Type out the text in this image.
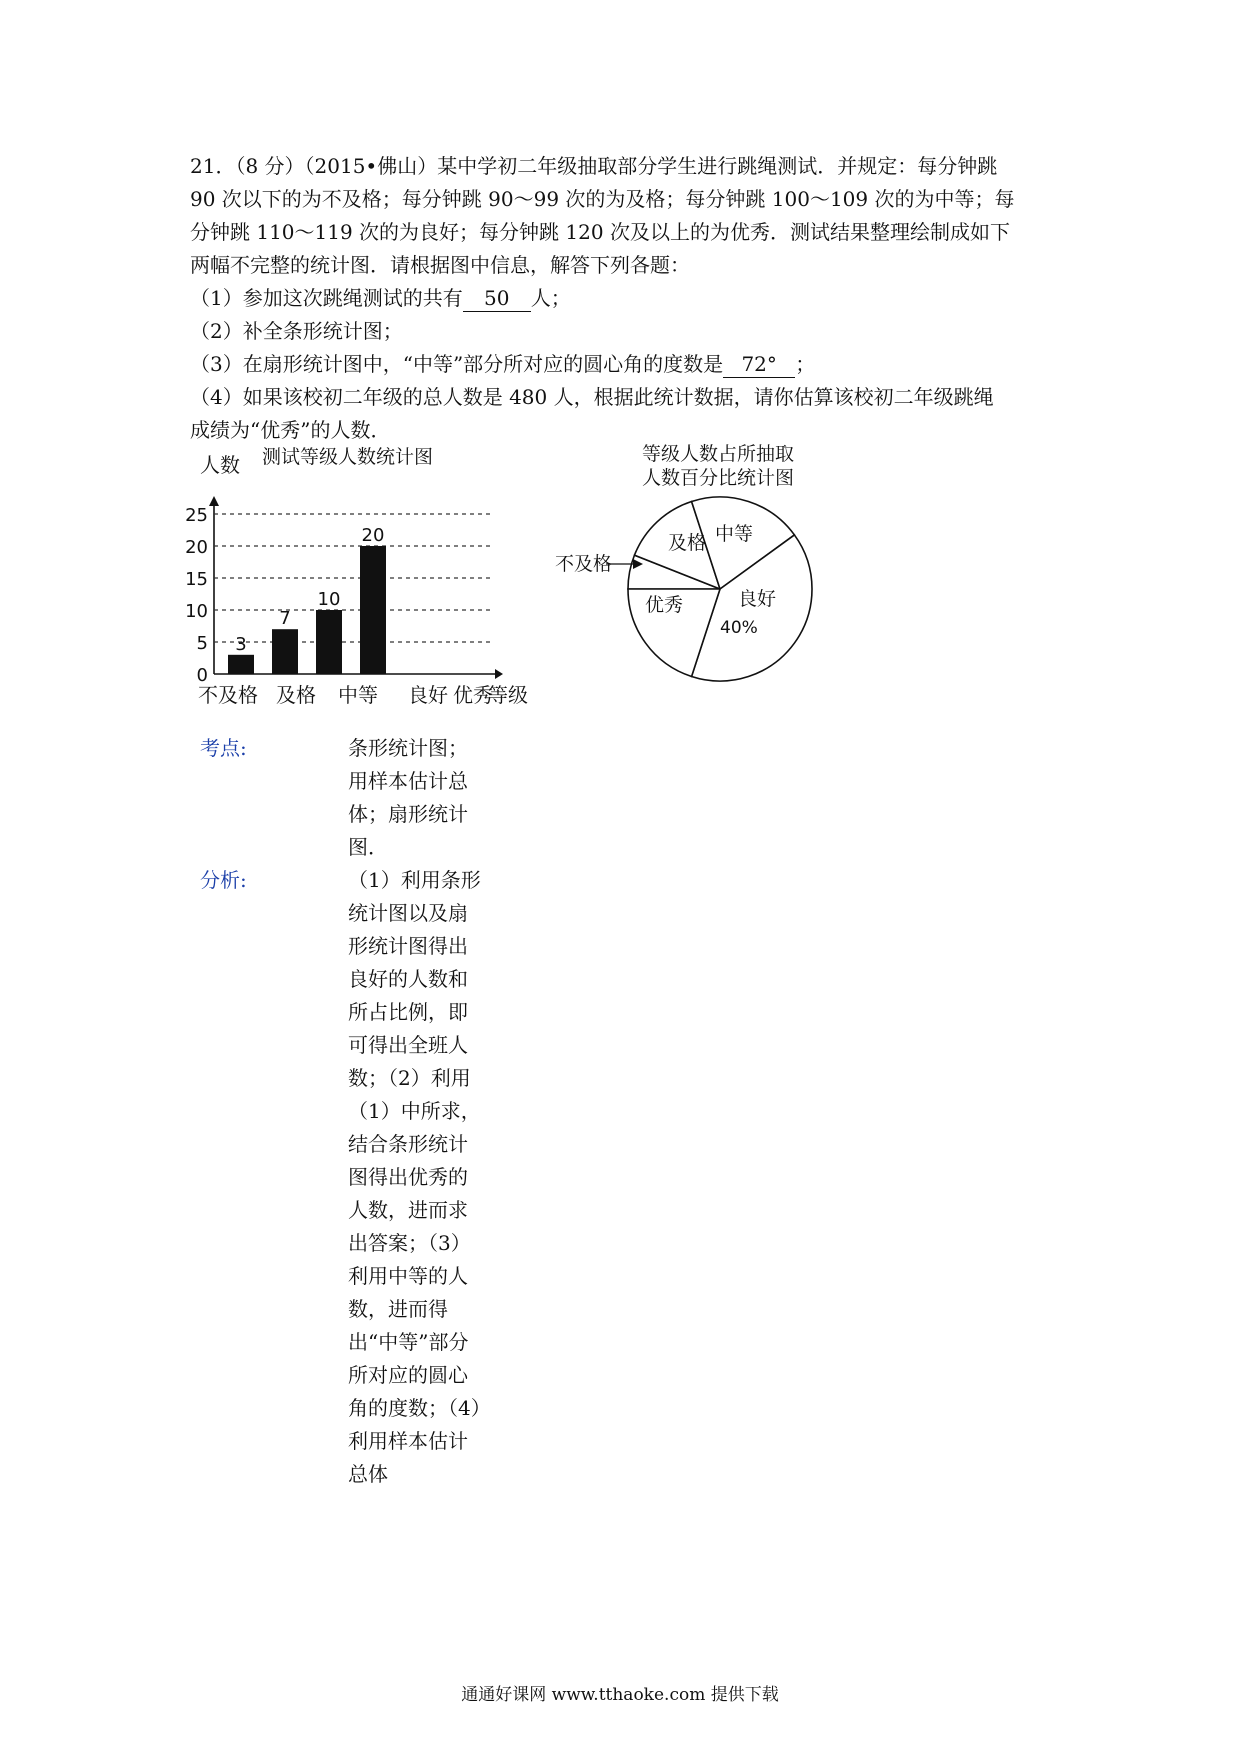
21．（8 分）（2015•佛山）某中学初二年级抽取部分学生进行跳绳测试．并规定：每分钟跳

90 次以下的为不及格；每分钟跳 90～99 次的为及格；每分钟跳 100～109 次的为中等；每

分钟跳 110～119 次的为良好；每分钟跳 120 次及以上的为优秀．测试结果整理绘制成如下

两幅不完整的统计图．请根据图中信息，解答下列各题：

（1）参加这次跳绳测试的共有 50 人；

（2）补全条形统计图；

（3）在扇形统计图中，“中等”部分所对应的圆心角的度数是 72° ；

（4）如果该校初二年级的总人数是 480 人，根据此统计数据，请你估算该校初二年级跳绳

成绩为“优秀”的人数．

人数 测试等级人数统计图
0
5
10
15
20
25
3
7
10
20
不及格 及格 中等 良好 优秀
等级
等级人数占所抽取
人数百分比统计图
及格 中等
良好
40%
优秀
不及格
考点:	条形统计图；用样本估计总体；扇形统计图．
分析:	（1）利用条形统计图以及扇形统计图得出良好的人数和所占比例，即可得出全班人数；（2）利用（1）中所求，结合条形统计图得出优秀的人数，进而求出答案；（3）利用中等的人数，进而得出“中等”部分所对应的圆心角的度数；（4）利用样本估计总体
通通好课网 www.tthaoke.com 提供下载
